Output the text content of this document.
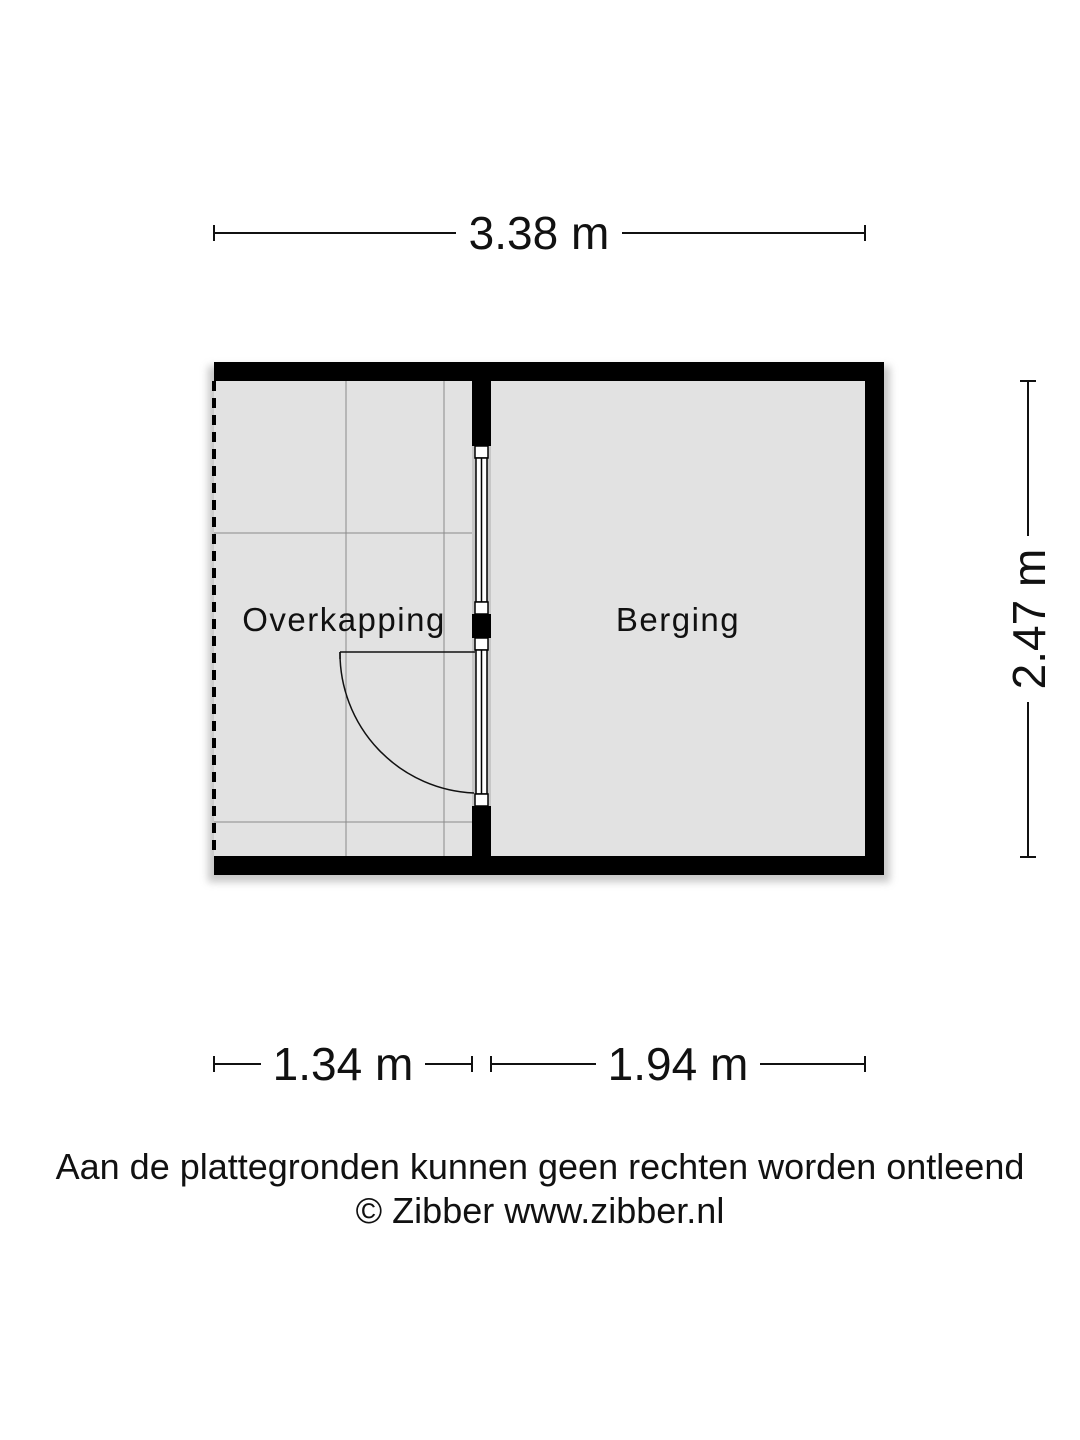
3.38 m
2.47 m
Overkapping	Berging
1.34 m	1.94 m

Aan de plattegronden kunnen geen rechten worden ontleend

© Zibber www.zibber.nl
